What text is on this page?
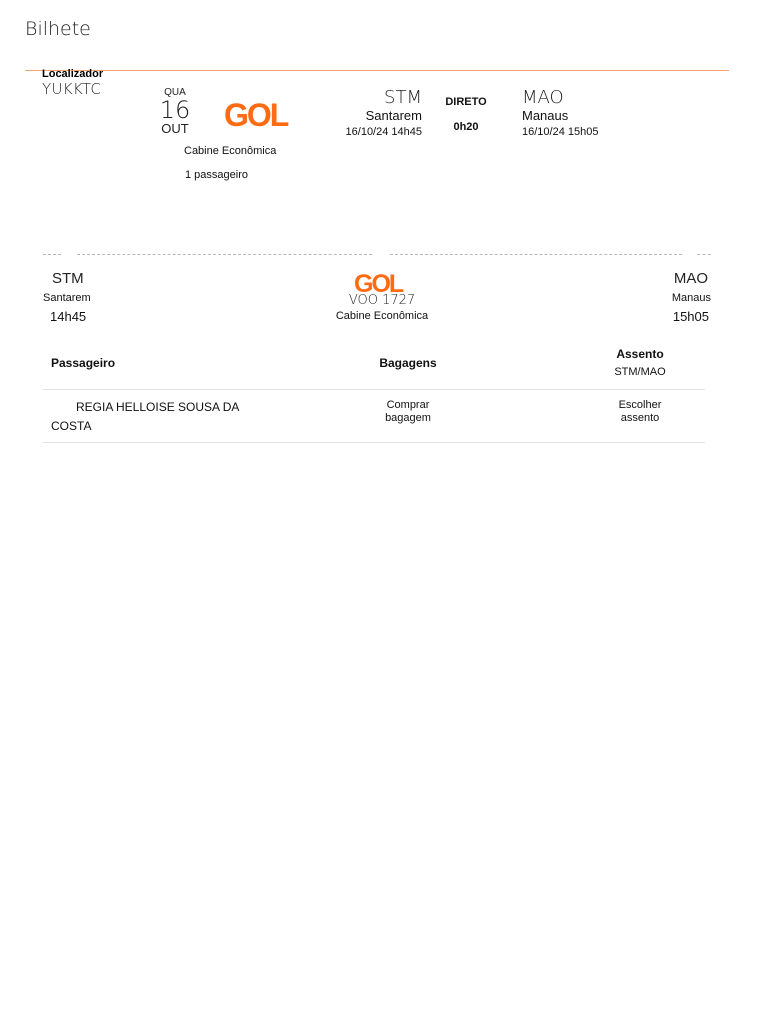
Bilhete
Localizador
YUKKTC	QUA
16
OUT GOL
Cabine Econômica
1 passageiro
STM
Santarem
16/10/24 14h45
DIRETO
0h20
MAO
Manaus
16/10/24 15h05
STM
Santarem
14h45
GOL
VOO 1727
Cabine Econômica
MAO
Manaus
15h05
Passageiro	Bagagens
Assento
STM/MAO
REGIA HELLOISE SOUSA DA COSTA
Comprar bagagem
Escolher assento
